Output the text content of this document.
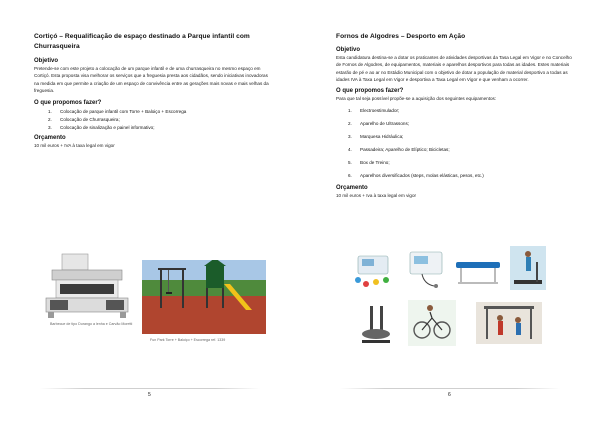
Cortiçó – Requalificação de espaço destinado a Parque infantil com Churrasqueira
Objetivo
Pretende-se com este projeto a colocação de um parque infantil e de uma churrasqueira no mesmo espaço em Cortiçó. Esta proposta visa melhorar os serviços que a freguesia presta aos cidadãos, sendo iniciativas inovadoras na medida em que permite a criação de um espaço de convivência entre as gerações mais novas e mais velhas da freguesia.
O que propomos fazer?
1.	Colocação de parque infantil com Torre + Baloiço + Escorrega
2.	Colocação de Churrasqueira;
3.	Colocação de sinalização e painel informativo;
Orçamento
10 mil euros + IVA à taxa legal em vigor
Barbecue de tipo Durango a lenha e Carvão Moretti
Fun Park Torre + Baloiço + Escorrega ref. 1339
5
Fornos de Algodres – Desporto em Ação
Objetivo
Esta candidatura destina-se a dotar os praticantes de atividades desportivas da Tasa Legal em Vigor e no Concelho de Fornos de Algodres, de equipamentos, materiais e aparelhos desportivos para todas as idades. Estes materiais estarão de pé e ao ar no Estádio Municipal com o objetivo de dotar a população de material desportivo a todas as idades IVA à Taxa Legal em Vigor e desportiva a Taxa Legal em Vigor e que venham a ocorrer.
O que propomos fazer?
Para que tal seja possível propõe-se a aquisição dos seguintes equipamentos:
1.	Electroestimulador;
2.	Aparelho de Ultrassons;
3.	Marquesa Hidráulica;
4.	Passadeira; Aparelho de Elíptico; Bicicletas;
5.	Box de Treino;
6.	Aparelhos diversificados (steps, molas elásticas, pesos, etc.)
Orçamento
10 mil euros + Iva à taxa legal em vigor
6
